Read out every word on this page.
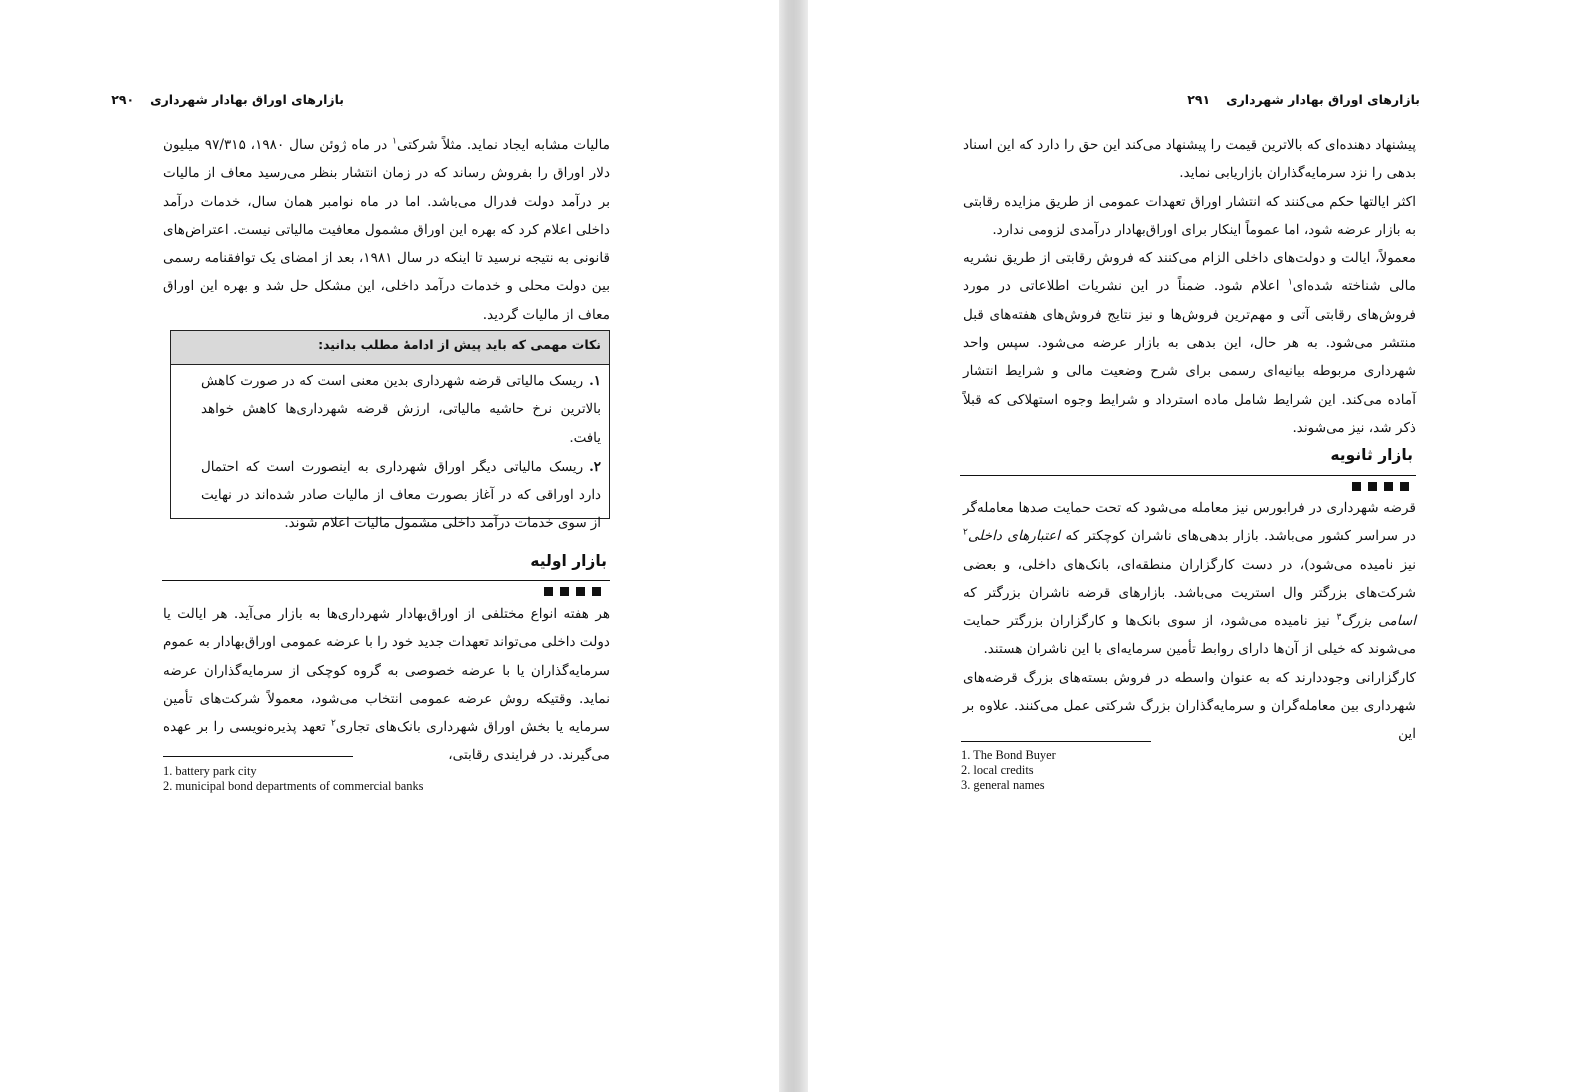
بازارهای اوراق بهادار شهرداری
۲۹۰

مالیات مشابه ایجاد نماید. مثلاً شرکتی$^۱$ در ماه ژوئن سال ۱۹۸۰، ۹۷/۳۱۵ میلیون دلار اوراق را بفروش رساند که در زمان انتشار بنظر می‌رسید معاف از مالیات بر درآمد دولت فدرال می‌باشد. اما در ماه نوامبر همان سال، خدمات درآمد داخلی اعلام کرد که بهره این اوراق مشمول معافیت مالیاتی نیست. اعتراض‌های قانونی به نتیجه نرسید تا اینکه در سال ۱۹۸۱، بعد از امضای یک توافقنامه رسمی بین دولت محلی و خدمات درآمد داخلی، این مشکل حل شد و بهره این اوراق معاف از مالیات گردید.

نکات مهمی که باید پیش از ادامۀ مطلب بدانید:
۱.ریسک مالیاتی قرضه شهرداری بدین معنی است که در صورت کاهش بالاترین نرخ حاشیه مالیاتی، ارزش قرضه شهرداری‌ها کاهش خواهد یافت.
۲.ریسک مالیاتی دیگر اوراق شهرداری به اینصورت است که احتمال دارد اوراقی که در آغاز بصورت معاف از مالیات صادر شده‌اند در نهایت از سوی خدمات درآمد داخلی مشمول مالیات اعلام شوند.
بازار اولیه

هر هفته انواع مختلفی از اوراق‌بهادار شهرداری‌ها به بازار می‌آید. هر ایالت یا دولت داخلی می‌تواند تعهدات جدید خود را با عرضه عمومی اوراق‌بهادار به عموم سرمایه‌گذاران یا با عرضه خصوصی به گروه کوچکی از سرمایه‌گذاران عرضه نماید. وقتیکه روش عرضه عمومی انتخاب می‌شود، معمولاً شرکت‌های تأمین سرمایه یا بخش اوراق شهرداری بانک‌های تجاری$^۲$ تعهد پذیره‌نویسی را بر عهده می‌گیرند. در فرایندی رقابتی،

1. battery park city
2. municipal bond departments of commercial banks
بازارهای اوراق بهادار شهرداری
۲۹۱

پیشنهاد دهنده‌ای که بالاترین قیمت را پیشنهاد می‌کند این حق را دارد که این اسناد بدهی را نزد سرمایه‌گذاران بازاریابی نماید.

اکثر ایالتها حکم می‌کنند که انتشار اوراق تعهدات عمومی از طریق مزایده رقابتی به بازار عرضه شود، اما عموماً اینکار برای اوراق‌بهادار درآمدی لزومی ندارد.

معمولاً، ایالت و دولت‌های داخلی الزام می‌کنند که فروش رقابتی از طریق نشریه مالی شناخته شده‌ای$^۱$ اعلام شود. ضمناً در این نشریات اطلاعاتی در مورد فروش‌های رقابتی آتی و مهم‌ترین فروش‌ها و نیز نتایج فروش‌های هفته‌های قبل منتشر می‌شود. به هر حال، این بدهی به بازار عرضه می‌شود. سپس واحد شهرداری مربوطه بیانیه‌ای رسمی برای شرح وضعیت مالی و شرایط انتشار آماده می‌کند. این شرایط شامل ماده استرداد و شرایط وجوه استهلاکی که قبلاً ذکر شد، نیز می‌شوند.

بازار ثانویه

قرضه شهرداری در فرابورس نیز معامله می‌شود که تحت حمایت صدها معامله‌گر در سراسر کشور می‌باشد. بازار بدهی‌های ناشران کوچکتر که اعتبارهای داخلی$^۲$ نیز نامیده می‌شود)، در دست کارگزاران منطقه‌ای، بانک‌های داخلی، و بعضی شرکت‌های بزرگتر وال استریت می‌باشد. بازارهای قرضه ناشران بزرگتر که اسامی بزرگ$^۳$ نیز نامیده می‌شود، از سوی بانک‌ها و کارگزاران بزرگتر حمایت می‌شوند که خیلی از آن‌ها دارای روابط تأمین سرمایه‌ای با این ناشران هستند.

کارگزارانی وجوددارند که به عنوان واسطه در فروش بسته‌های بزرگ قرضه‌های شهرداری بین معامله‌گران و سرمایه‌گذاران بزرگ شرکتی عمل می‌کنند. علاوه بر این

1. The Bond Buyer
2. local credits
3. general names
